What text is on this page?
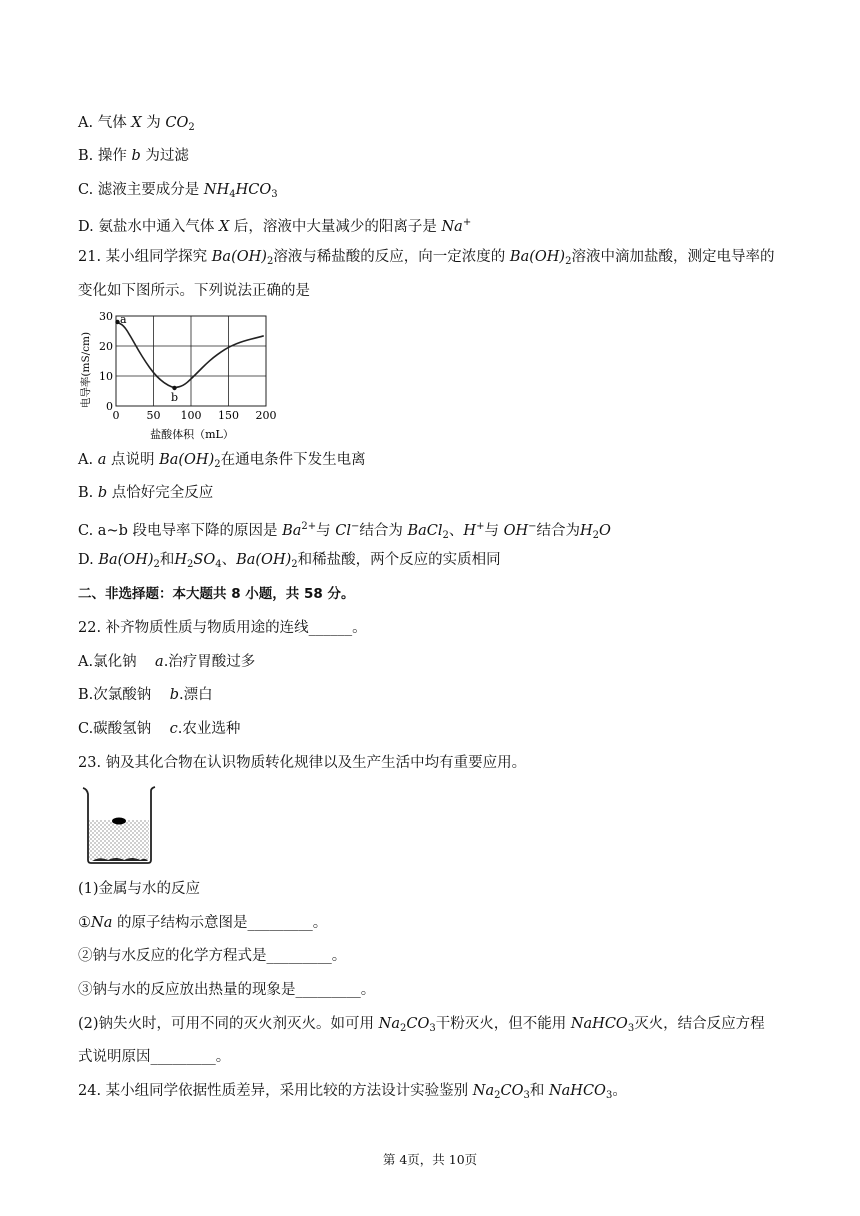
A. 气体 X 为 $CO_2$
B. 操作 b 为过滤
C. 滤液主要成分是 $NH_4HCO_3$
D. 氨盐水中通入气体 X 后，溶液中大量减少的阳离子是 Na+
21. 某小组同学探究 $Ba(OH)_2$溶液与稀盐酸的反应，向一定浓度的 $Ba(OH)_2$溶液中滴加盐酸，测定电导率的
变化如下图所示。下列说法正确的是
0 50 100 150 200
0
10
20
30 a
b
电导率(mS/cm)
盐酸体积（mL）
A. a 点说明 $Ba(OH)_2$在通电条件下发生电离
B. b 点恰好完全反应
C. a~b 段电导率下降的原因是 $Ba^{2+}$与 Cl−结合为 BaCl$_2$、H+与 OH−结合为$H_2O$
D. $Ba(OH)_2$和$H_2SO_4$、$Ba(OH)_2$和稀盐酸，两个反应的实质相同
二、非选择题：本大题共 8 小题，共 58 分。
22. 补齐物质性质与物质用途的连线______。
A.氯化钠 a.治疗胃酸过多
B.次氯酸钠 b.漂白
C.碳酸氢钠 c.农业选种
23. 钠及其化合物在认识物质转化规律以及生产生活中均有重要应用。
(1)金属与水的反应
①Na 的原子结构示意图是_________。
②钠与水反应的化学方程式是_________。
③钠与水的反应放出热量的现象是_________。
(2)钠失火时，可用不同的灭火剂灭火。如可用 $Na_2CO_3$干粉灭火，但不能用 NaHCO$_3$灭火，结合反应方程
式说明原因_________。
24. 某小组同学依据性质差异，采用比较的方法设计实验鉴别 $Na_2CO_3$和 NaHCO$_3$。
第 4页，共 10页
